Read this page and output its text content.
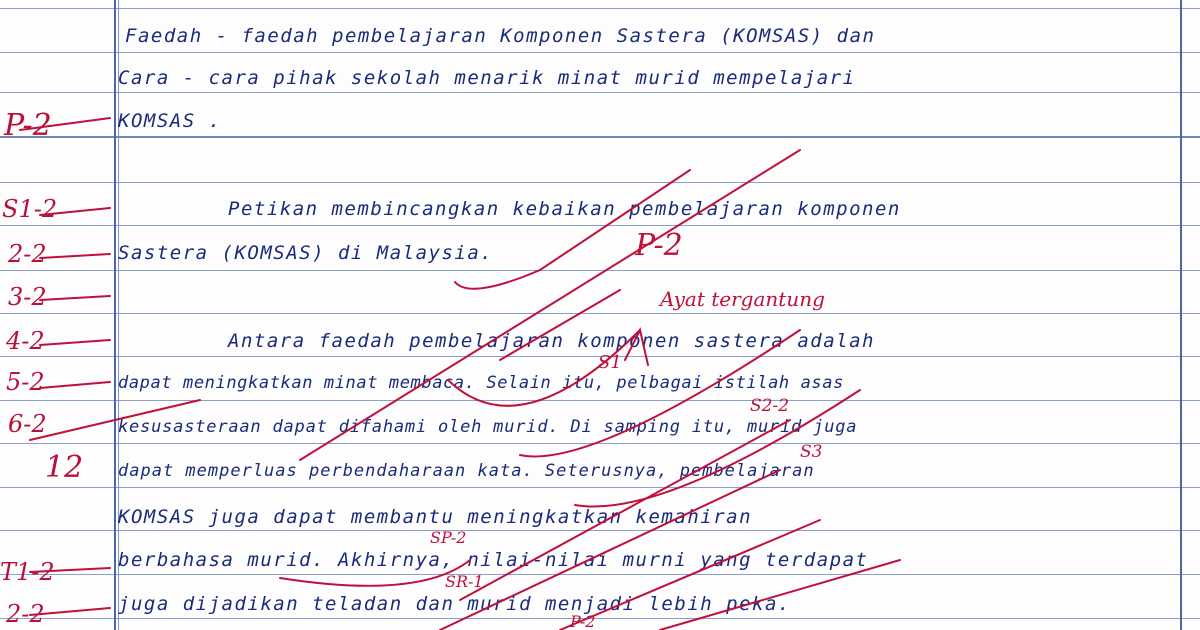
Faedah - faedah pembelajaran Komponen Sastera (KOMSAS) dan
Cara - cara pihak sekolah menarik minat murid mempelajari
KOMSAS .
Petikan membincangkan kebaikan pembelajaran komponen
Sastera (KOMSAS) di Malaysia.
Antara faedah pembelajaran komponen sastera adalah
dapat meningkatkan minat membaca. Selain itu, pelbagai istilah asas
kesusasteraan dapat difahami oleh murid. Di samping itu, murid juga
dapat memperluas perbendaharaan kata. Seterusnya, pembelajaran
KOMSAS juga dapat membantu meningkatkan kemahiran
berbahasa murid. Akhirnya, nilai-nilai murni yang terdapat
juga dijadikan teladan dan murid menjadi lebih peka.
P-2
S1-2
2-2
3-2
4-2
5-2
6-2
12
T1-2
2-2
P-2
Ayat tergantung
S1
S2-2
S3
SP-2
SR-1
P-2
